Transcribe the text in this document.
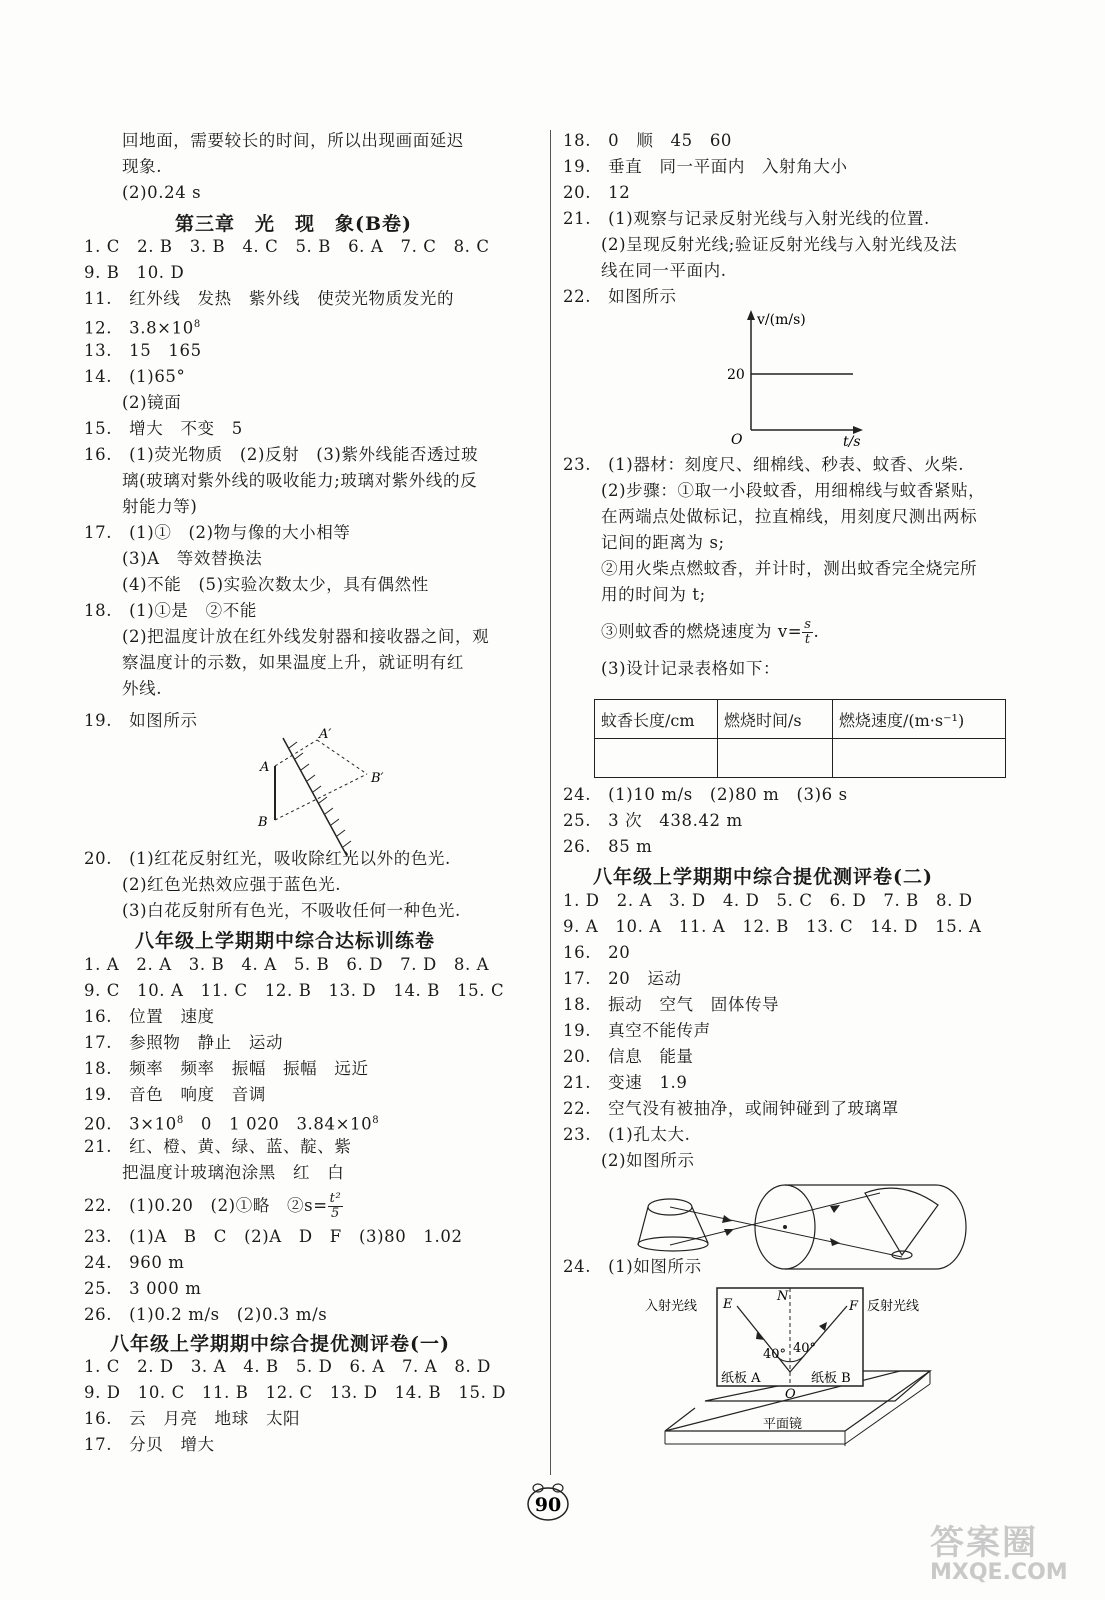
回地面，需要较长的时间，所以出现画面延迟
现象.
(2)0.24 s
第三章　光　现　象(B卷)
1. C　2. B　3. B　4. C　5. B　6. A　7. C　8. C
9. B　10. D
11.　红外线　发热　紫外线　使荧光物质发光的
12.　$3.8\times 10^8$
13.　15　165
14.　(1)65°
(2)镜面
15.　增大　不变　5
16.　(1)荧光物质　(2)反射　(3)紫外线能否透过玻
璃(玻璃对紫外线的吸收能力;玻璃对紫外线的反
射能力等)
17.　(1)①　(2)物与像的大小相等
(3)A　等效替换法
(4)不能　(5)实验次数太少，具有偶然性
18.　(1)①是　②不能
(2)把温度计放在红外线发射器和接收器之间，观
察温度计的示数，如果温度上升，就证明有红
外线.
19.　如图所示
A
B
A′
B′
20.　(1)红花反射红光，吸收除红光以外的色光.
(2)红色光热效应强于蓝色光.
(3)白花反射所有色光，不吸收任何一种色光.
八年级上学期期中综合达标训练卷
1. A　2. A　3. B　4. A　5. B　6. D　7. D　8. A
9. C　10. A　11. C　12. B　13. D　14. B　15. C
16.　位置　速度
17.　参照物　静止　运动
18.　频率　频率　振幅　振幅　远近
19.　音色　响度　音调
20.　$3\times 10^8$　0　1 020　$3.84\times 10^8$
21.　红、橙、黄、绿、蓝、靛、紫
把温度计玻璃泡涂黑　红　白
22.　(1)0.20　(2)①略　②s= $\frac{\text{t²}}{5}$
23.　(1)A　B　C　(2)A　D　F　(3)80　1.02
24.　960 m
25.　3 000 m
26.　(1)0.2 m/s　(2)0.3 m/s
八年级上学期期中综合提优测评卷(一)
1. C　2. D　3. A　4. B　5. D　6. A　7. A　8. D
9. D　10. C　11. B　12. C　13. D　14. B　15. D
16.　云　月亮　地球　太阳
17.　分贝　增大
18.　0　顺　45　60
19.　垂直　同一平面内　入射角大小
20.　12
21.　(1)观察与记录反射光线与入射光线的位置.
(2)呈现反射光线;验证反射光线与入射光线及法
线在同一平面内.
22.　如图所示
v/(m/s)
t/s
O
20
23.　(1)器材：刻度尺、细棉线、秒表、蚊香、火柴.
(2)步骤：①取一小段蚊香，用细棉线与蚊香紧贴，
在两端点处做标记，拉直棉线，用刻度尺测出两标
记间的距离为 s;
②用火柴点燃蚊香，并计时，测出蚊香完全烧完所
用的时间为 t;
③则蚊香的燃烧速度为 $v= \frac{s}{t}$ .
(3)设计记录表格如下：
蚊香长度/cm	燃烧时间/s	燃烧速度/(m·s⁻¹)

24.　(1)10 m/s　(2)80 m　(3)6 s
25.　3 次　438.42 m
26.　85 m
八年级上学期期中综合提优测评卷(二)
1. D　2. A　3. D　4. D　5. C　6. D　7. B　8. D
9. A　10. A　11. A　12. B　13. C　14. D　15. A
16.　20
17.　20　运动
18.　振动　空气　固体传导
19.　真空不能传声
20.　信息　能量
21.　变速　1.9
22.　空气没有被抽净，或闹钟碰到了玻璃罩
23.　(1)孔太大.
(2)如图所示
24.　(1)如图所示
入射光线 E
N
F 反射光线
40° 40°
纸板 A	纸板 B
O
平面镜
90
答案圈
MXQE.COM
